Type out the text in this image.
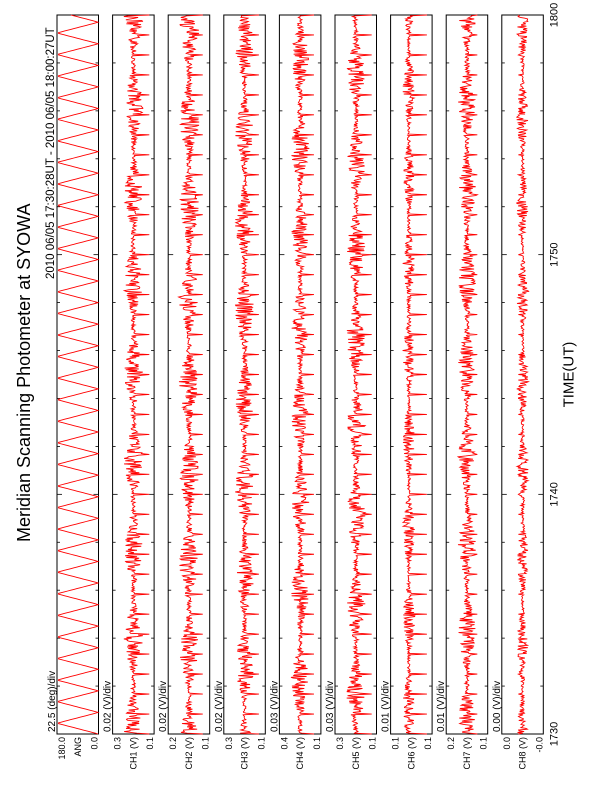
0.0
180.0 ANG
22.5 (deg)/div
0.1
0.3 CH1 (V)
0.02 (V)/div
0.1
0.2 CH2 (V)
0.02 (V)/div
0.1
0.3 CH3 (V)
0.02 (V)/div
0.1
0.4 CH4 (V)
0.03 (V)/div
0.1
0.3 CH5 (V)
0.03 (V)/div
0.1
0.1 CH6 (V)
0.01 (V)/div
0.1
0.2 CH7 (V)
0.01 (V)/div
-0.0
0.0 CH8 (V)
0.00 (V)/div
1730
1740
1750
1800
Meridian Scanning Photometer at SYOWA
2010 06/05 17:30:28UT - 2010 06/05 18:00:27UT
TIME(UT)
